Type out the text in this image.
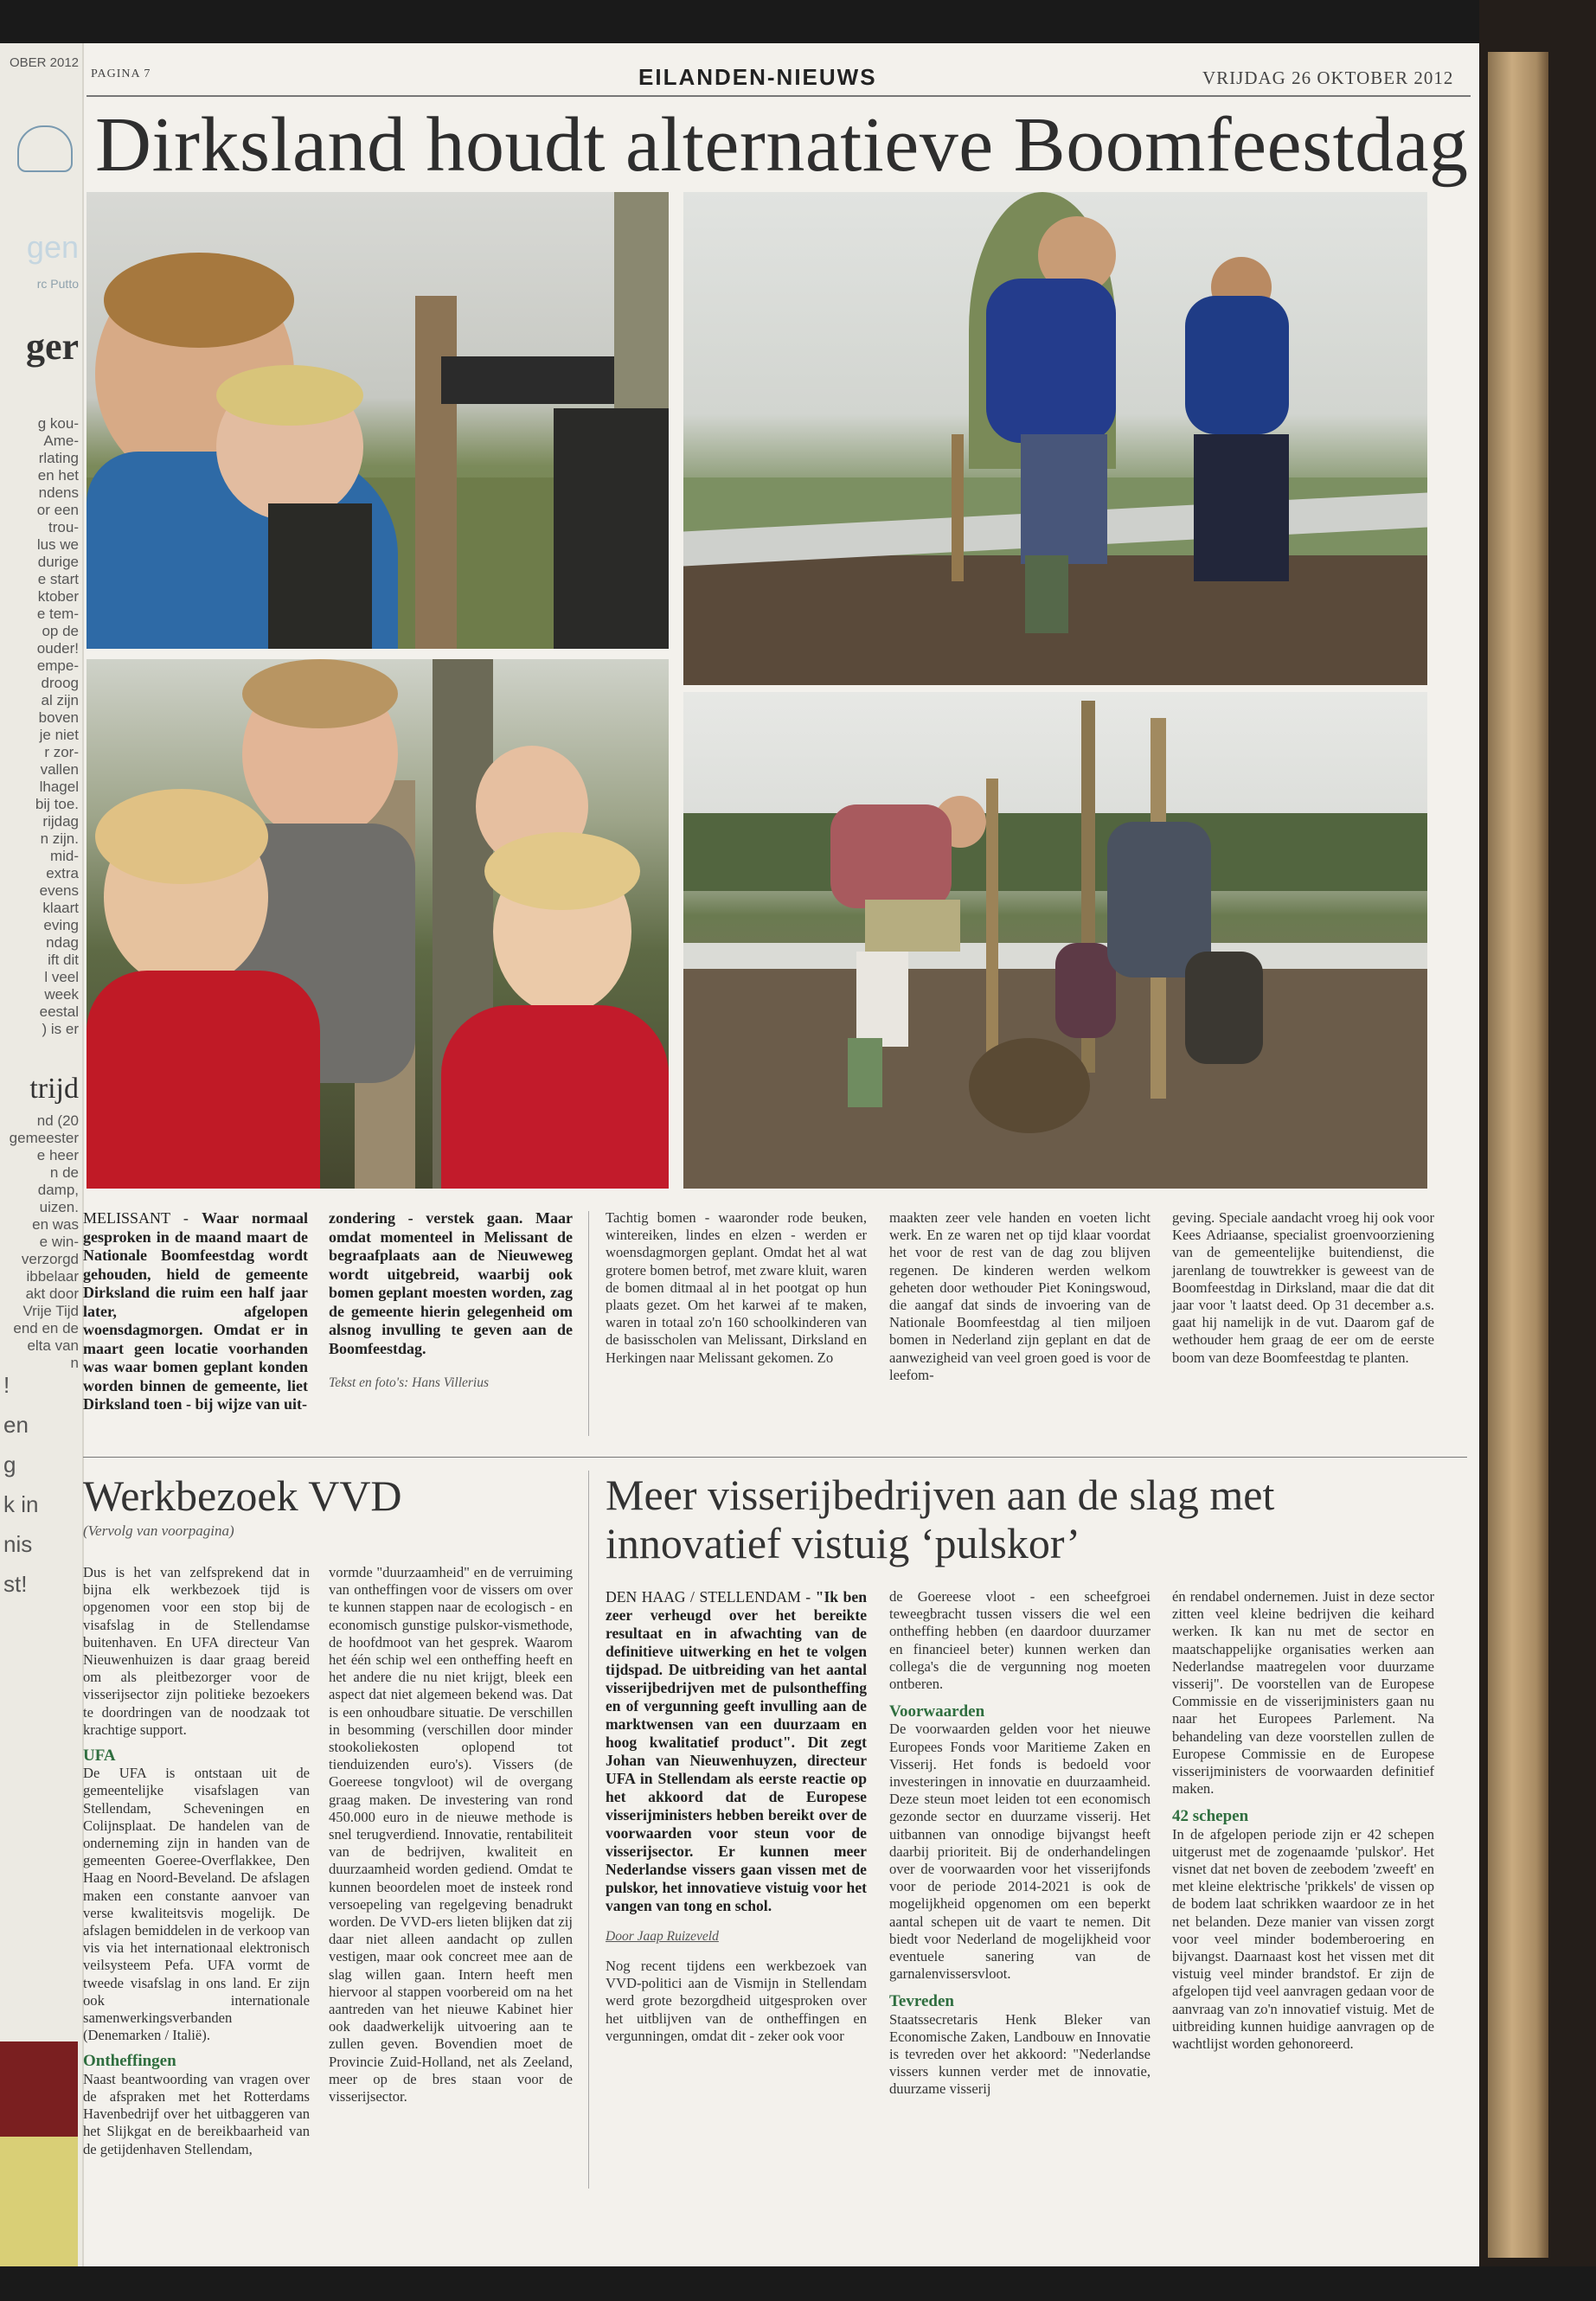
OBER 2012
gen
rc Putto
ger
g kou-
Ame-
rlating
en het
ndens
or een
trou-
lus we
durige
e start
ktober
e tem-
op de
ouder!
empe-
droog
al zijn
boven
je niet
r zor-
vallen
lhagel
bij toe.
rijdag
n zijn.
mid-
extra
evens
klaart
eving
ndag
ift dit
l veel
week
eestal
) is er
trijd
nd (20
gemeester
e heer
n de
damp,
uizen.
en was
e win-
verzorgd
ibbelaar
akt door
Vrije Tijd
end en de
elta van
n
!
en
g
k in
nis
st!
PAGINA 7	EILANDEN-NIEUWS	VRIJDAG 26 OKTOBER 2012
Dirksland houdt alternatieve Boomfeestdag
MELISSANT - Waar normaal gesproken in de maand maart de Nationale Boomfeestdag wordt gehouden, hield de gemeente Dirksland die ruim een half jaar later, afgelopen woensdagmorgen. Omdat er in maart geen locatie voorhanden was waar bomen geplant konden worden binnen de gemeente, liet Dirksland toen - bij wijze van uit-
zondering - verstek gaan. Maar omdat momenteel in Melissant de begraafplaats aan de Nieuweweg wordt uitgebreid, waarbij ook bomen geplant moesten worden, zag de gemeente hierin gelegenheid om alsnog invulling te geven aan de Boomfeestdag.

Tekst en foto's: Hans Villerius

Tachtig bomen - waaronder rode beuken, wintereiken, lindes en elzen - werden er woensdagmorgen geplant. Omdat het al wat grotere bomen betrof, met zware kluit, waren de bomen ditmaal al in het pootgat op hun plaats gezet. Om het karwei af te maken, waren in totaal zo'n 160 schoolkinderen van de basisscholen van Melissant, Dirksland en Herkingen naar Melissant gekomen. Zo
maakten zeer vele handen en voeten licht werk. En ze waren net op tijd klaar voordat het voor de rest van de dag zou blijven regenen. De kinderen werden welkom geheten door wethouder Piet Koningswoud, die aangaf dat sinds de invoering van de Nationale Boomfeestdag al tien miljoen bomen in Nederland zijn geplant en dat de aanwezigheid van veel groen goed is voor de leefom-
geving. Speciale aandacht vroeg hij ook voor Kees Adriaanse, specialist groenvoorziening van de gemeentelijke buitendienst, die jarenlang de touwtrekker is geweest van de Boomfeestdag in Dirksland, maar die dat dit jaar voor 't laatst deed. Op 31 december a.s. gaat hij namelijk in de vut. Daarom gaf de wethouder hem graag de eer om de eerste boom van deze Boomfeestdag te planten.
Werkbezoek VVD
(Vervolg van voorpagina)

Dus is het van zelfsprekend dat in bijna elk werkbezoek tijd is opgenomen voor een stop bij de visafslag in de Stellendamse buitenhaven. En UFA directeur Van Nieuwenhuizen is daar graag bereid om als pleitbezorger voor de visserijsector zijn politieke bezoekers te doordringen van de noodzaak tot krachtige support.

UFA

De UFA is ontstaan uit de gemeentelijke visafslagen van Stellendam, Scheveningen en Colijnsplaat. De handelen van de onderneming zijn in handen van de gemeenten Goeree-Overflakkee, Den Haag en Noord-Beveland. De afslagen maken een constante aanvoer van verse kwaliteitsvis mogelijk. De afslagen bemiddelen in de verkoop van vis via het internationaal elektronisch veilsysteem Pefa. UFA vormt de tweede visafslag in ons land. Er zijn ook internationale samenwerkingsverbanden (Denemarken / Italië).

Ontheffingen

Naast beantwoording van vragen over de afspraken met het Rotterdams Havenbedrijf over het uitbaggeren van het Slijkgat en de bereikbaarheid van de getijdenhaven Stellendam,

vormde "duurzaamheid" en de verruiming van ontheffingen voor de vissers om over te kunnen stappen naar de ecologisch - en economisch gunstige pulskor-vismethode, de hoofdmoot van het gesprek. Waarom het één schip wel een ontheffing heeft en het andere die nu niet krijgt, bleek een aspect dat niet algemeen bekend was. Dat is een onhoudbare situatie. De verschillen in besomming (verschillen door minder stookoliekosten oplopend tot tienduizenden euro's). Vissers (de Goereese tongvloot) wil de overgang graag maken. De investering van rond 450.000 euro in de nieuwe methode is snel terugverdiend. Innovatie, rentabiliteit van de bedrijven, kwaliteit en duurzaamheid worden gediend. Omdat te kunnen beoordelen moet de insteek rond versoepeling van regelgeving benadrukt worden. De VVD-ers lieten blijken dat zij daar niet alleen aandacht op zullen vestigen, maar ook concreet mee aan de slag willen gaan. Intern heeft men hiervoor al stappen voorbereid om na het aantreden van het nieuwe Kabinet hier ook daadwerkelijk uitvoering aan te zullen geven. Bovendien moet de Provincie Zuid-Holland, net als Zeeland, meer op de bres staan voor de visserijsector.
Meer visserijbedrijven aan de slag met
innovatief vistuig ‘pulskor’
DEN HAAG / STELLENDAM - "Ik ben zeer verheugd over het bereikte resultaat en in afwachting van de definitieve uitwerking en het te volgen tijdspad. De uitbreiding van het aantal visserijbedrijven met de pulsontheffing en of vergunning geeft invulling aan de marktwensen van een duurzaam en hoog kwalitatief product". Dit zegt Johan van Nieuwenhuyzen, directeur UFA in Stellendam als eerste reactie op het akkoord dat de Europese visserijministers hebben bereikt over de voorwaarden voor steun voor de visserijsector. Er kunnen meer Nederlandse vissers gaan vissen met de pulskor, het innovatieve vistuig voor het vangen van tong en schol.

Door Jaap Ruizeveld

Nog recent tijdens een werkbezoek van VVD-politici aan de Vismijn in Stellendam werd grote bezorgdheid uitgesproken over het uitblijven van de ontheffingen en vergunningen, omdat dit - zeker ook voor

de Goereese vloot - een scheefgroei teweegbracht tussen vissers die wel een ontheffing hebben (en daardoor duurzamer en financieel beter) kunnen werken dan collega's die de vergunning nog moeten ontberen.

Voorwaarden

De voorwaarden gelden voor het nieuwe Europees Fonds voor Maritieme Zaken en Visserij. Het fonds is bedoeld voor investeringen in innovatie en duurzaamheid. Deze steun moet leiden tot een economisch gezonde sector en duurzame visserij. Het uitbannen van onnodige bijvangst heeft daarbij prioriteit. Bij de onderhandelingen over de voorwaarden voor het visserijfonds voor de periode 2014-2021 is ook de mogelijkheid opgenomen om een beperkt aantal schepen uit de vaart te nemen. Dit biedt voor Nederland de mogelijkheid voor eventuele sanering van de garnalenvissersvloot.

Tevreden

Staatssecretaris Henk Bleker van Economische Zaken, Landbouw en Innovatie is tevreden over het akkoord: "Nederlandse vissers kunnen verder met de innovatie, duurzame visserij

én rendabel ondernemen. Juist in deze sector zitten veel kleine bedrijven die keihard werken. Ik kan nu met de sector en maatschappelijke organisaties werken aan Nederlandse maatregelen voor duurzame visserij". De voorstellen van de Europese Commissie en de visserijministers gaan nu naar het Europees Parlement. Na behandeling van deze voorstellen zullen de Europese Commissie en de Europese visserijministers de voorwaarden definitief maken.

42 schepen

In de afgelopen periode zijn er 42 schepen uitgerust met de zogenaamde 'pulskor'. Het visnet dat net boven de zeebodem 'zweeft' en met kleine elektrische 'prikkels' de vissen op de bodem laat schrikken waardoor ze in het net belanden. Deze manier van vissen zorgt voor veel minder bodemberoering en bijvangst. Daarnaast kost het vissen met dit vistuig veel minder brandstof. Er zijn de afgelopen tijd veel aanvragen gedaan voor de aanvraag van zo'n innovatief vistuig. Met de uitbreiding kunnen huidige aanvragen op de wachtlijst worden gehonoreerd.
